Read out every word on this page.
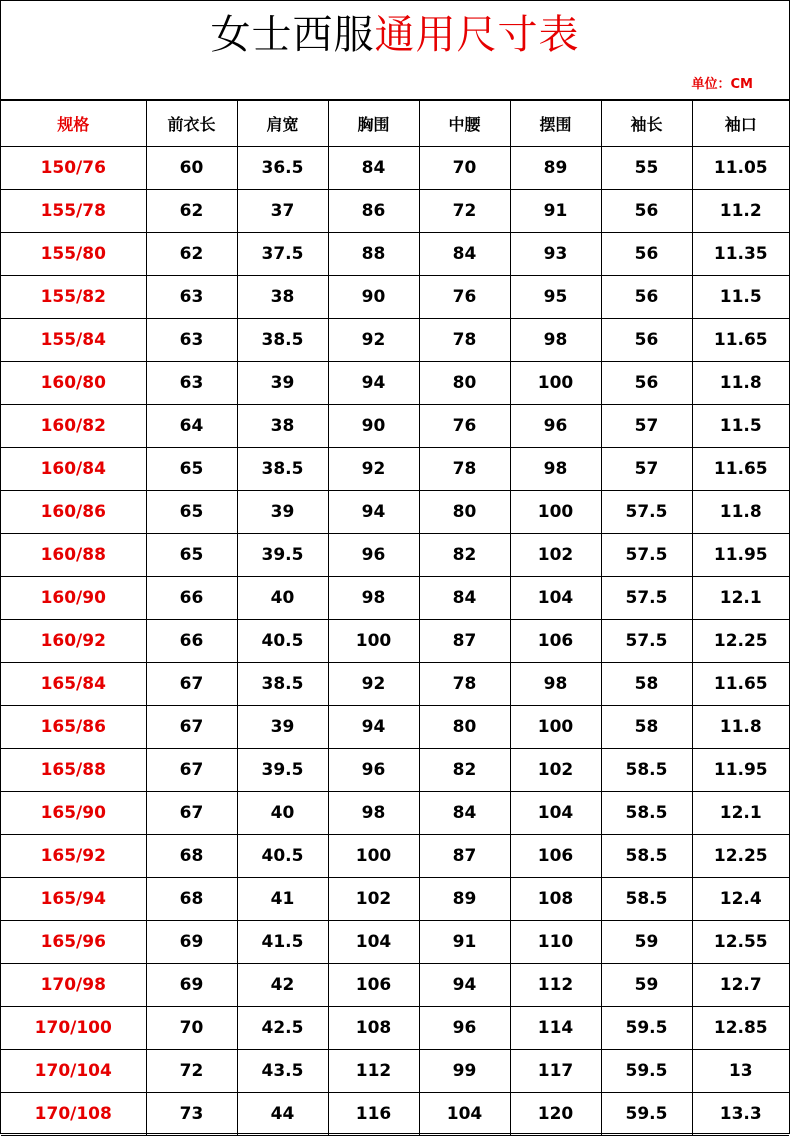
女士西服通用尺寸表
单位：CM
规格	前衣长	肩宽	胸围	中腰	摆围	袖长	袖口
150/76	60	36.5	84	70	89	55	11.05
155/78	62	37	86	72	91	56	11.2
155/80	62	37.5	88	84	93	56	11.35
155/82	63	38	90	76	95	56	11.5
155/84	63	38.5	92	78	98	56	11.65
160/80	63	39	94	80	100	56	11.8
160/82	64	38	90	76	96	57	11.5
160/84	65	38.5	92	78	98	57	11.65
160/86	65	39	94	80	100	57.5	11.8
160/88	65	39.5	96	82	102	57.5	11.95
160/90	66	40	98	84	104	57.5	12.1
160/92	66	40.5	100	87	106	57.5	12.25
165/84	67	38.5	92	78	98	58	11.65
165/86	67	39	94	80	100	58	11.8
165/88	67	39.5	96	82	102	58.5	11.95
165/90	67	40	98	84	104	58.5	12.1
165/92	68	40.5	100	87	106	58.5	12.25
165/94	68	41	102	89	108	58.5	12.4
165/96	69	41.5	104	91	110	59	12.55
170/98	69	42	106	94	112	59	12.7
170/100	70	42.5	108	96	114	59.5	12.85
170/104	72	43.5	112	99	117	59.5	13
170/108	73	44	116	104	120	59.5	13.3
